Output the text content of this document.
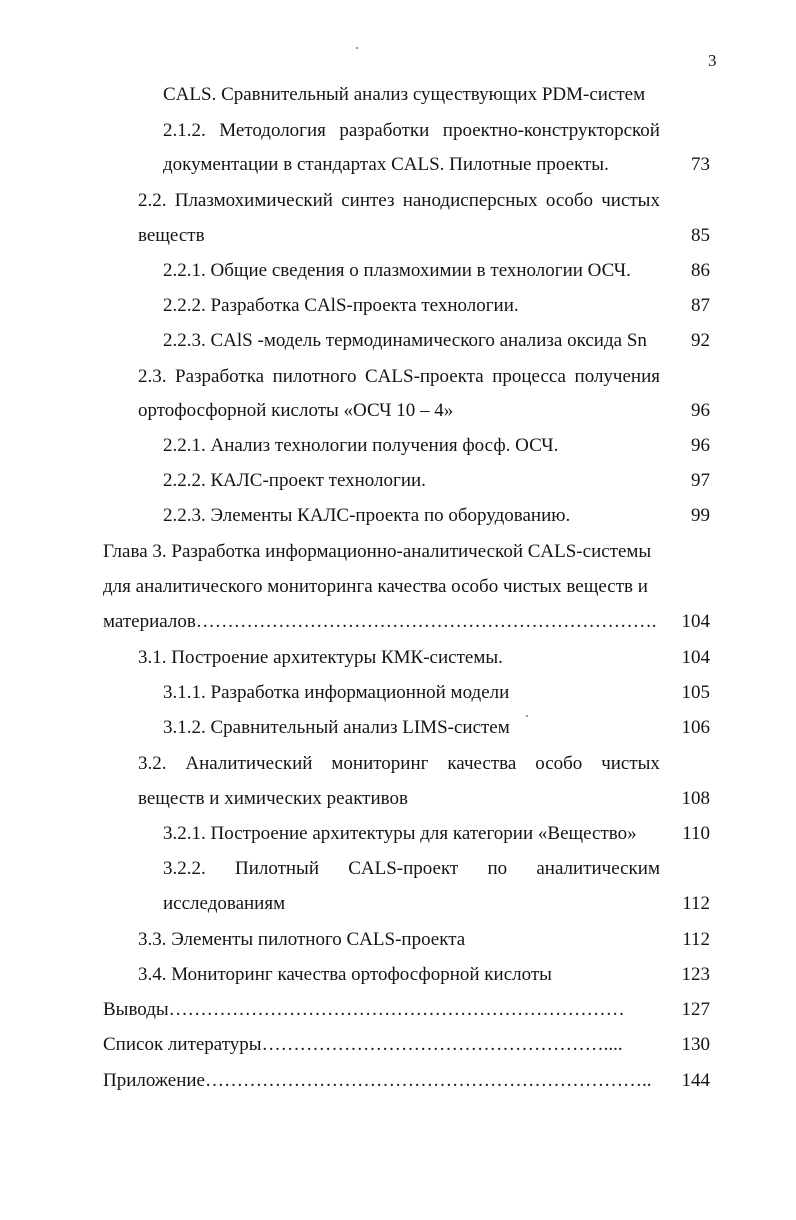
3
CALS. Сравнительный анализ существующих PDM-систем
2.1.2. Методология разработки проектно-конструкторской
документации в стандартах CALS. Пилотные проекты.	73
2.2. Плазмохимический синтез нанодисперсных особо чистых
веществ	85
2.2.1. Общие сведения о плазмохимии в технологии ОСЧ.	86
2.2.2. Разработка CAlS-проекта технологии.	87
2.2.3. CAlS -модель термодинамического анализа оксида Sn	92
2.3. Разработка пилотного CALS-проекта процесса получения
ортофосфорной кислоты «ОСЧ 10 – 4»	96
2.2.1. Анализ технологии получения фосф. ОСЧ.	96
2.2.2. КАЛС-проект технологии.	97
2.2.3. Элементы КАЛС-проекта по оборудованию.	99
Глава 3. Разработка информационно-аналитической CALS-системы
для аналитического мониторинга качества особо чистых веществ и
материалов……………………………………………………………….	104
3.1. Построение архитектуры КМК-системы.	104
3.1.1. Разработка информационной модели	105
3.1.2. Сравнительный анализ LIMS-систем	106
3.2. Аналитический мониторинг качества особо чистых
веществ и химических реактивов	108
3.2.1. Построение архитектуры для категории «Вещество»	110
3.2.2. Пилотный CALS-проект по аналитическим
исследованиям	112
3.3. Элементы пилотного CALS-проекта	112
3.4. Мониторинг качества ортофосфорной кислоты	123
Выводы………………………………………………………………	127
Список литературы………………………………………………....	130
Приложение……………………………………………………………..	144
